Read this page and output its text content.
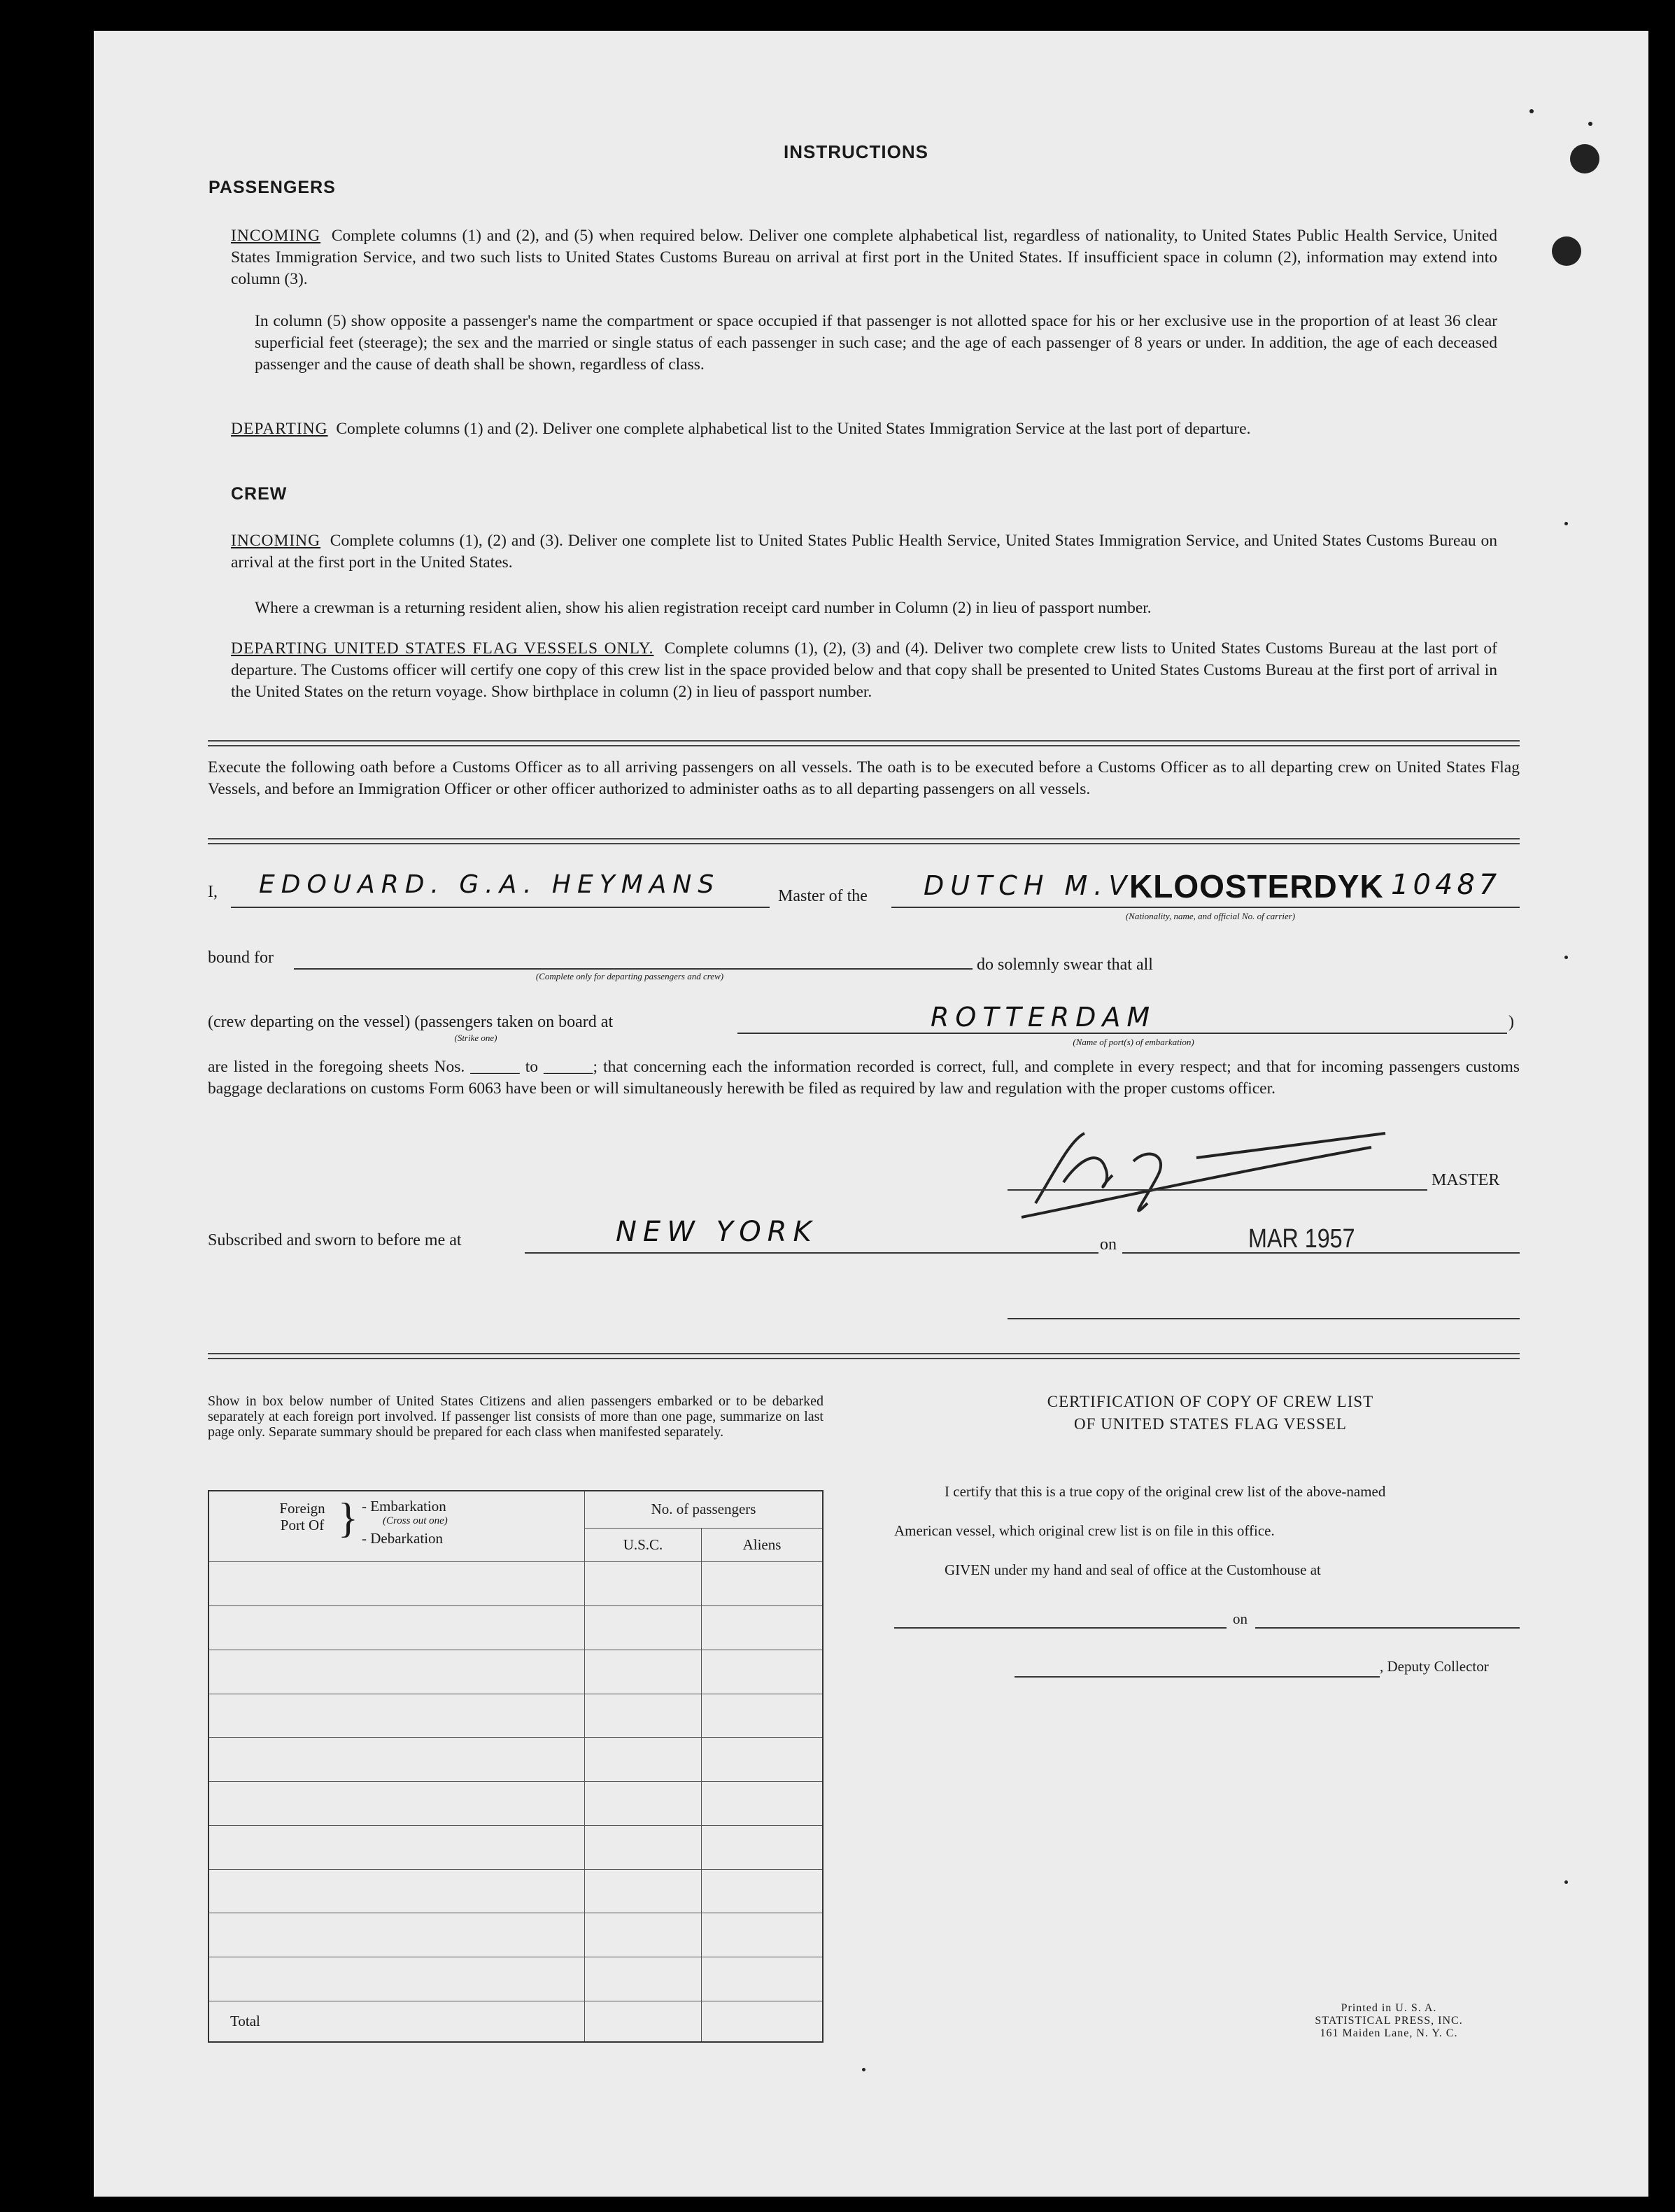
INSTRUCTIONS
PASSENGERS
INCOMING Complete columns (1) and (2), and (5) when required below. Deliver one complete alphabetical list, regardless of nationality, to United States Public Health Service, United States Immigration Service, and two such lists to United States Customs Bureau on arrival at first port in the United States. If insufficient space in column (2), information may extend into column (3).
In column (5) show opposite a passenger's name the compartment or space occupied if that passenger is not allotted space for his or her exclusive use in the proportion of at least 36 clear superficial feet (steerage); the sex and the married or single status of each passenger in such case; and the age of each passenger of 8 years or under. In addition, the age of each deceased passenger and the cause of death shall be shown, regardless of class.
DEPARTING Complete columns (1) and (2). Deliver one complete alphabetical list to the United States Immigration Service at the last port of departure.
CREW
INCOMING Complete columns (1), (2) and (3). Deliver one complete list to United States Public Health Service, United States Immigration Service, and United States Customs Bureau on arrival at the first port in the United States.
Where a crewman is a returning resident alien, show his alien registration receipt card number in Column (2) in lieu of passport number.
DEPARTING UNITED STATES FLAG VESSELS ONLY. Complete columns (1), (2), (3) and (4). Deliver two complete crew lists to United States Customs Bureau at the last port of departure. The Customs officer will certify one copy of this crew list in the space provided below and that copy shall be presented to United States Customs Bureau at the first port of arrival in the United States on the return voyage. Show birthplace in column (2) in lieu of passport number.
Execute the following oath before a Customs Officer as to all arriving passengers on all vessels. The oath is to be executed before a Customs Officer as to all departing crew on United States Flag Vessels, and before an Immigration Officer or other officer authorized to administer oaths as to all departing passengers on all vessels.
I, EDOUARD. G.A. HEYMANS	Master of the DUTCH M.V.
KLOOSTERDYK 10487
(Nationality, name, and official No. of carrier)
bound for
(Complete only for departing passengers and crew)
do solemnly swear that all
(crew departing on the vessel) (passengers taken on board at
(Strike one)
ROTTERDAM
(Name of port(s) of embarkation)
)
are listed in the foregoing sheets Nos. ______ to ______; that concerning each the information recorded is correct, full, and complete in every respect; and that for incoming passengers customs baggage declarations on customs Form 6063 have been or will simultaneously herewith be filed as required by law and regulation with the proper customs officer.
MASTER
Subscribed and sworn to before me at	NEW YORK	on	MAR 1957
Show in box below number of United States Citizens and alien passengers embarked or to be debarked separately at each foreign port involved. If passenger list consists of more than one page, summarize on last page only. Separate summary should be prepared for each class when manifested separately.
Foreign Port Of } - Embarkation
(Cross out one)
- Debarkation	No. of passengers	
	U.S.C.	Aliens

Total		
CERTIFICATION OF COPY OF CREW LIST
OF UNITED STATES FLAG VESSEL
I certify that this is a true copy of the original crew list of the above-named
American vessel, which original crew list is on file in this office.
GIVEN under my hand and seal of office at the Customhouse at
on
, Deputy Collector
Printed in U. S. A.
STATISTICAL PRESS, INC.
161 Maiden Lane, N. Y. C.
